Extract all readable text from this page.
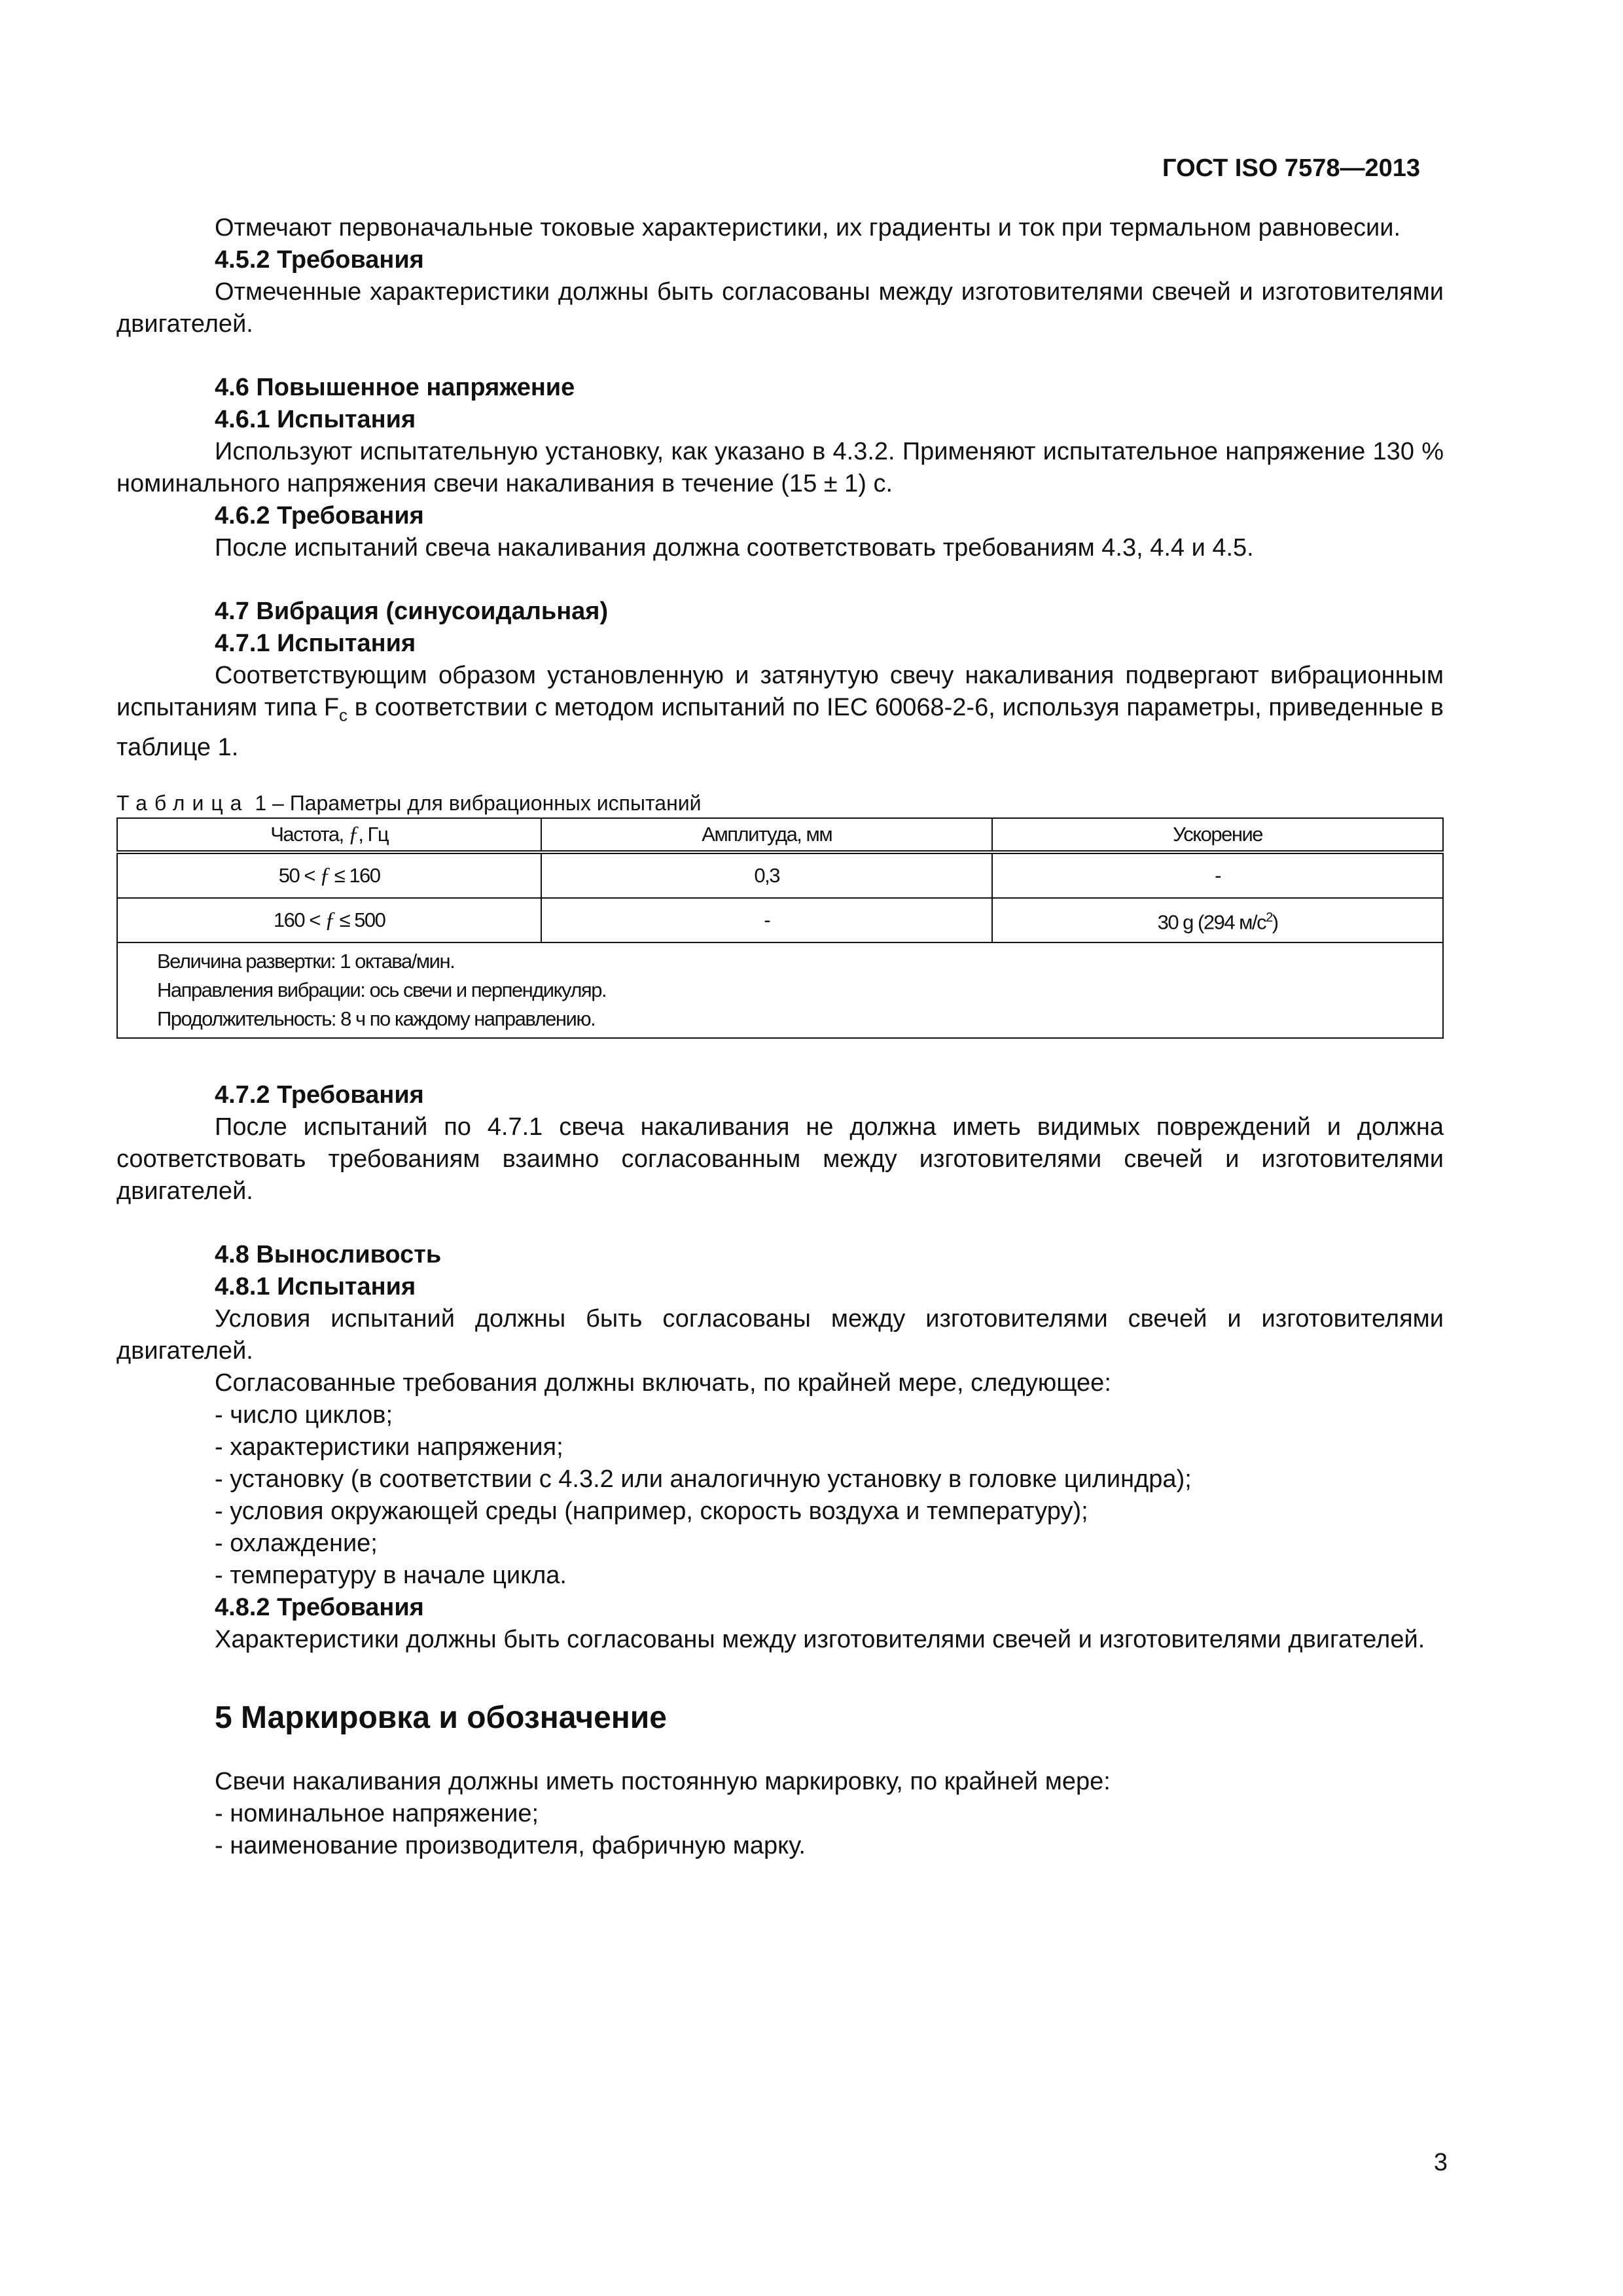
ГОСТ ISO 7578—2013

Отмечают первоначальные токовые характеристики, их градиенты и ток при термальном равновесии.

4.5.2 Требования

Отмеченные характеристики должны быть согласованы между изготовителями свечей и изготовителями двигателей.

4.6 Повышенное напряжение

4.6.1 Испытания

Используют испытательную установку, как указано в 4.3.2. Применяют испытательное напряжение 130 % номинального напряжения свечи накаливания в течение (15 ± 1) с.

4.6.2 Требования

После испытаний свеча накаливания должна соответствовать требованиям 4.3, 4.4 и 4.5.

4.7 Вибрация (синусоидальная)

4.7.1 Испытания

Соответствующим образом установленную и затянутую свечу накаливания подвергают вибрационным испытаниям типа $F_c$ в соответствии с методом испытаний по IEC 60068-2-6, используя параметры, приведенные в таблице 1.

Таблица 1 – Параметры для вибрационных испытаний

Частота, ƒ, Гц	Амплитуда, мм	Ускорение
50 < ƒ ≤ 160	0,3	-
160 < ƒ ≤ 500	-	30 g (294 $м/с^2$)

Величина развертки: 1 октава/мин.
Направления вибрации: ось свечи и перпендикуляр.
Продолжительность: 8 ч по каждому направлению.		

4.7.2 Требования

После испытаний по 4.7.1 свеча накаливания не должна иметь видимых повреждений и должна соответствовать требованиям взаимно согласованным между изготовителями свечей и изготовителями двигателей.

4.8 Выносливость

4.8.1 Испытания

Условия испытаний должны быть согласованы между изготовителями свечей и изготовителями двигателей.

Согласованные требования должны включать, по крайней мере, следующее:

- число циклов;

- характеристики напряжения;

- установку (в соответствии с 4.3.2 или аналогичную установку в головке цилиндра);

- условия окружающей среды (например, скорость воздуха и температуру);

- охлаждение;

- температуру в начале цикла.

4.8.2 Требования

Характеристики должны быть согласованы между изготовителями свечей и изготовителями двигателей.

5 Маркировка и обозначение

Свечи накаливания должны иметь постоянную маркировку, по крайней мере:

- номинальное напряжение;

- наименование производителя, фабричную марку.

3
